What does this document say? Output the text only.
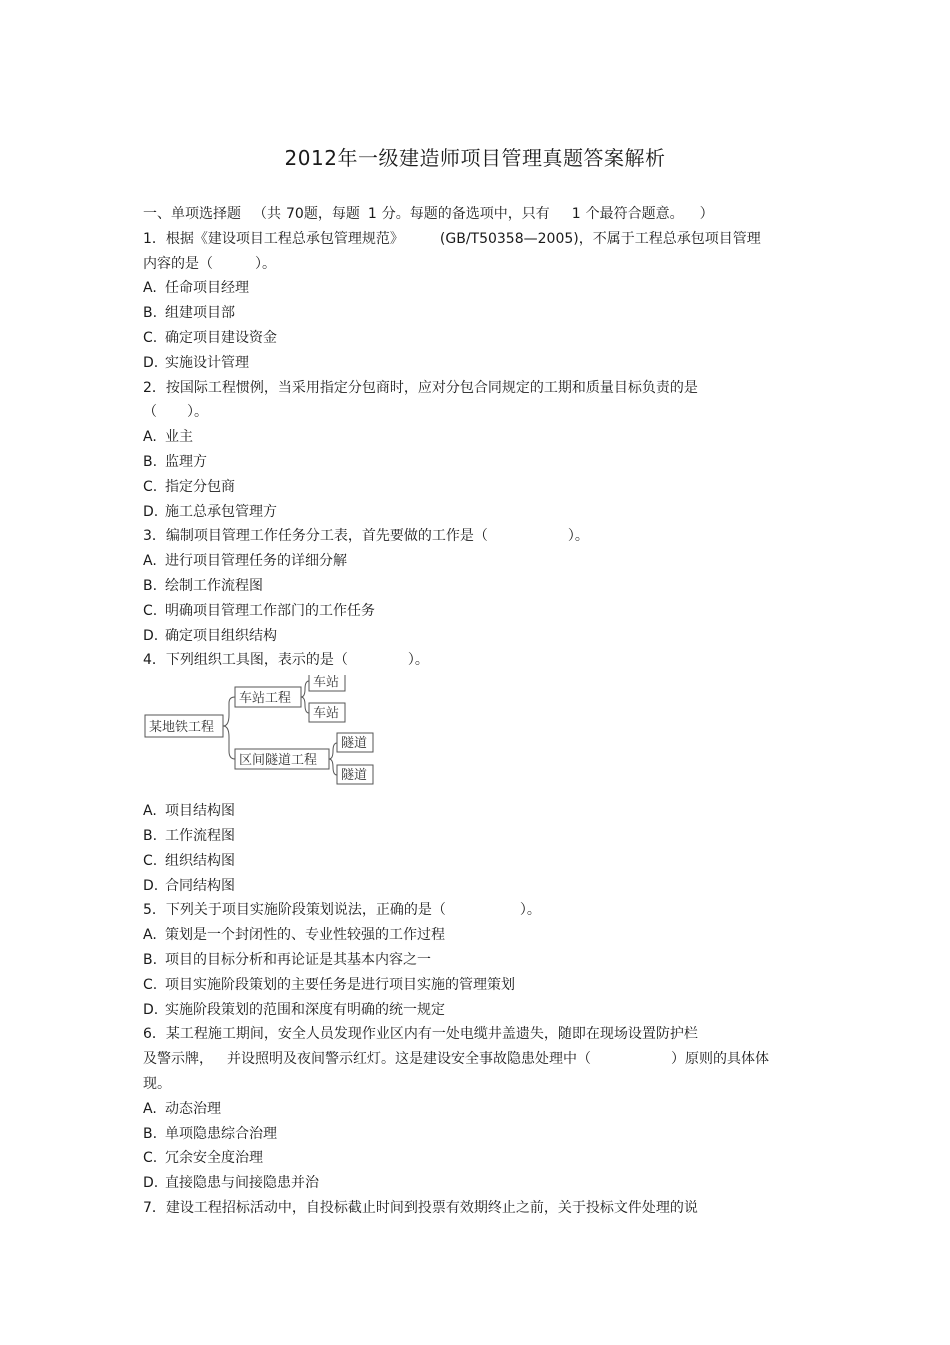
2012年一级建造师项目管理真题答案解析
一、单项选择题 （共 70题，每题 1 分。每题的备选项中，只有 1 个最符合题意。 ）
1．根据《建设项目工程总承包管理规范》	(GB/T50358—2005)，不属于工程总承包项目管理
内容的是（	）。
A. 任命项目经理
B. 组建项目部
C. 确定项目建设资金
D. 实施设计管理
2．按国际工程惯例，当采用指定分包商时，应对分包合同规定的工期和质量目标负责的是
（ ）。
A. 业主
B. 监理方
C. 指定分包商
D. 施工总承包管理方
3．编制项目管理工作任务分工表，首先要做的工作是（	）。
A. 进行项目管理任务的详细分解
B. 绘制工作流程图
C. 明确项目管理工作部门的工作任务
D. 确定项目组织结构
4．下列组织工具图，表示的是（	）。
某地铁工程
车站工程
区间隧道工程
车站
车站
隧道
隧道
A. 项目结构图
B. 工作流程图
C. 组织结构图
D. 合同结构图
5．下列关于项目实施阶段策划说法，正确的是（	）。
A. 策划是一个封闭性的、专业性较强的工作过程
B. 项目的目标分析和再论证是其基本内容之一
C. 项目实施阶段策划的主要任务是进行项目实施的管理策划
D. 实施阶段策划的范围和深度有明确的统一规定
6．某工程施工期间，安全人员发现作业区内有一处电缆井盖遗失，随即在现场设置防护栏
及警示牌， 并设照明及夜间警示红灯。这是建设安全事故隐患处理中（	）原则的具体体
现。
A. 动态治理
B. 单项隐患综合治理
C. 冗余安全度治理
D. 直接隐患与间接隐患并治
7．建设工程招标活动中，自投标截止时间到投票有效期终止之前，关于投标文件处理的说
